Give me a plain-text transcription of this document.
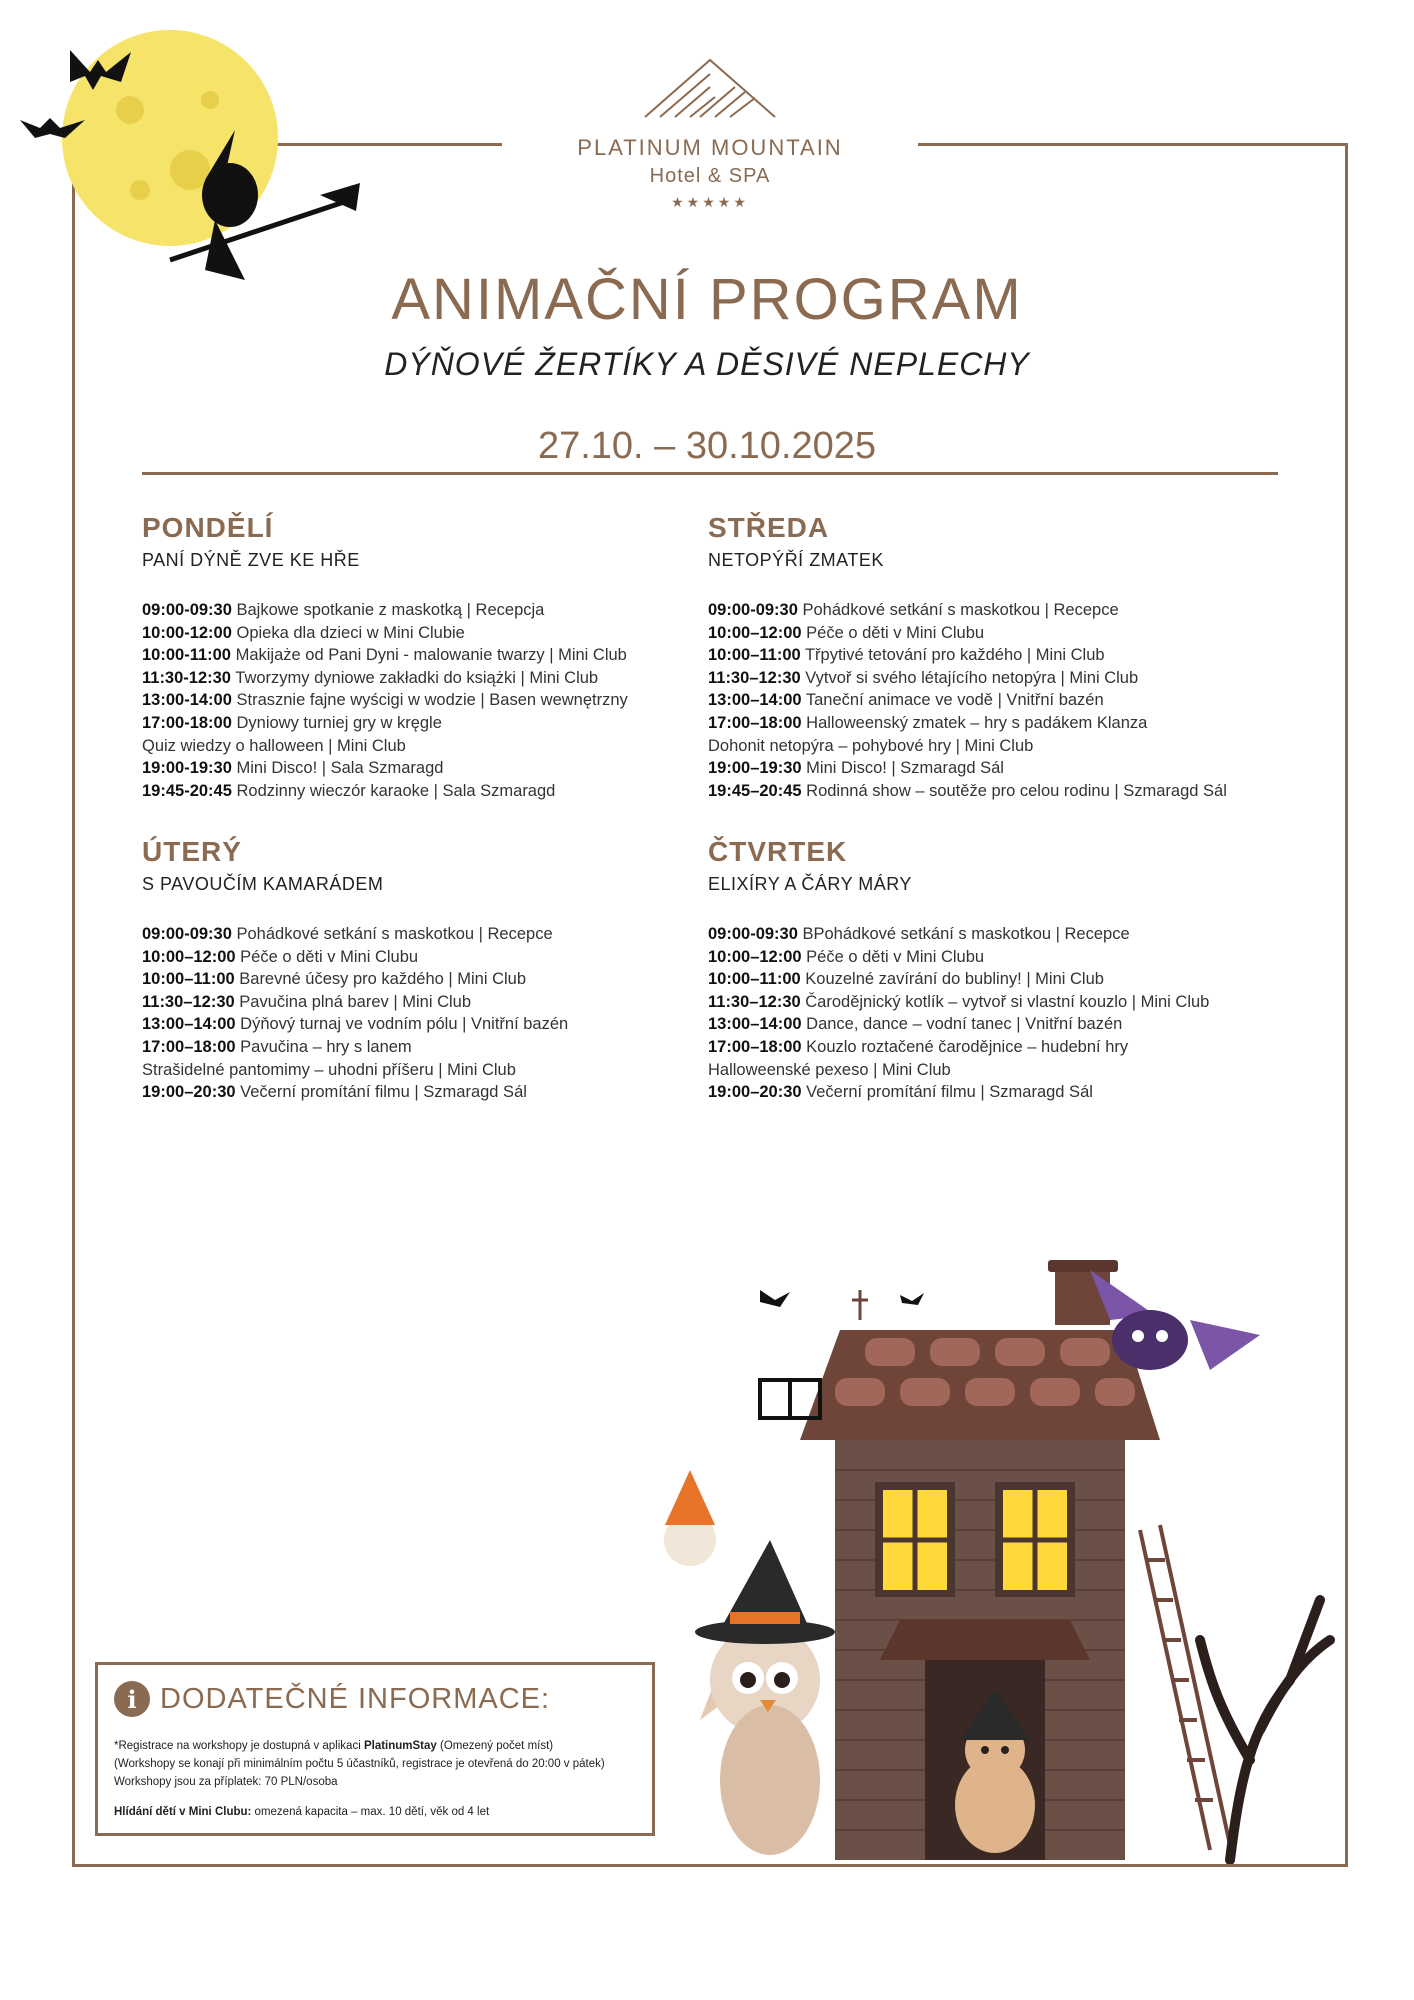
PLATINUM MOUNTAIN
Hotel & SPA
★★★★★
ANIMAČNÍ PROGRAM
DÝŇOVÉ ŽERTÍKY A DĚSIVÉ NEPLECHY
27.10. – 30.10.2025
PONDĚLÍ
PANÍ DÝNĚ ZVE KE HŘE
09:00-09:30 Bajkowe spotkanie z maskotką | Recepcja
10:00-12:00 Opieka dla dzieci w Mini Clubie
10:00-11:00 Makijaże od Pani Dyni - malowanie twarzy | Mini Club
11:30-12:30 Tworzymy dyniowe zakładki do książki | Mini Club
13:00-14:00 Strasznie fajne wyścigi w wodzie | Basen wewnętrzny
17:00-18:00 Dyniowy turniej gry w kręgle
Quiz wiedzy o halloween | Mini Club
19:00-19:30 Mini Disco! | Sala Szmaragd
19:45-20:45 Rodzinny wieczór karaoke | Sala Szmaragd
STŘEDA
NETOPÝŘÍ ZMATEK
09:00-09:30 Pohádkové setkání s maskotkou | Recepce
10:00–12:00 Péče o děti v Mini Clubu
10:00–11:00 Třpytivé tetování pro každého | Mini Club
11:30–12:30 Vytvoř si svého létajícího netopýra | Mini Club
13:00–14:00 Taneční animace ve vodě | Vnitřní bazén
17:00–18:00 Halloweenský zmatek – hry s padákem Klanza
Dohonit netopýra – pohybové hry | Mini Club
19:00–19:30 Mini Disco! | Szmaragd Sál
19:45–20:45 Rodinná show – soutěže pro celou rodinu | Szmaragd Sál
ÚTERÝ
S PAVOUČÍM KAMARÁDEM
09:00-09:30 Pohádkové setkání s maskotkou | Recepce
10:00–12:00 Péče o děti v Mini Clubu
10:00–11:00 Barevné účesy pro každého | Mini Club
11:30–12:30 Pavučina plná barev | Mini Club
13:00–14:00 Dýňový turnaj ve vodním pólu | Vnitřní bazén
17:00–18:00 Pavučina – hry s lanem
Strašidelné pantomimy – uhodni příšeru | Mini Club
19:00–20:30 Večerní promítání filmu | Szmaragd Sál
ČTVRTEK
ELIXÍRY A ČÁRY MÁRY
09:00-09:30 BPohádkové setkání s maskotkou | Recepce
10:00–12:00 Péče o děti v Mini Clubu
10:00–11:00 Kouzelné zavírání do bubliny! | Mini Club
11:30–12:30 Čarodějnický kotlík – vytvoř si vlastní kouzlo | Mini Club
13:00–14:00 Dance, dance – vodní tanec | Vnitřní bazén
17:00–18:00 Kouzlo roztačené čarodějnice – hudební hry
Halloweenské pexeso | Mini Club
19:00–20:30 Večerní promítání filmu | Szmaragd Sál
i DODATEČNÉ INFORMACE:
*Registrace na workshopy je dostupná v aplikaci PlatinumStay (Omezený počet míst)
(Workshopy se konají při minimálním počtu 5 účastníků, registrace je otevřená do 20:00 v pátek) Workshopy jsou za příplatek: 70 PLN/osoba
Hlídání dětí v Mini Clubu: omezená kapacita – max. 10 dětí, věk od 4 let
